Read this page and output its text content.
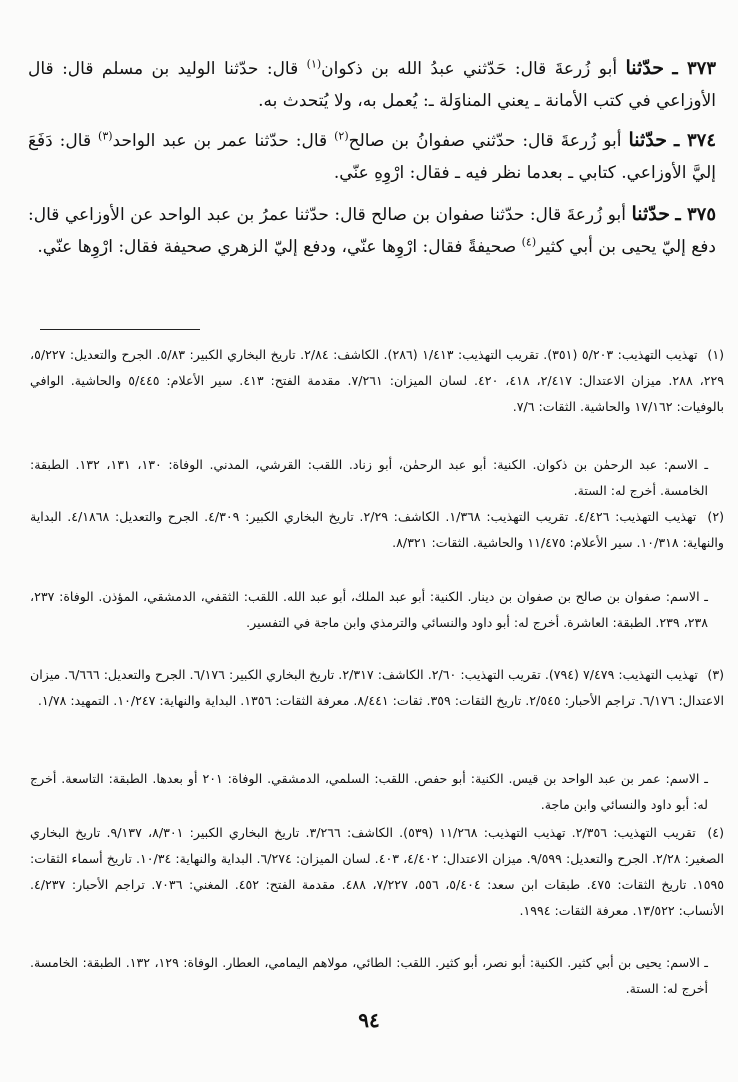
٣٧٣ ـ حدّثنا أبو زُرعةَ قال: حَدّثني عبدُ الله بن ذكوان$^{(١)}$ قال: حدّثنا الوليد بن مسلم قال: قال الأوزاعي في كتب الأمانة ـ يعني المناوَلة ـ: يُعمل به، ولا يُتحدث به.
٣٧٤ ـ حدّثنا أبو زُرعةَ قال: حدّثني صفوانُ بن صالح$^{(٢)}$ قال: حدّثنا عمر بن عبد الواحد$^{(٣)}$ قال: دَفَعَ إليَّ الأوزاعي. كتابي ـ بعدما نظر فيه ـ فقال: ارْوِهِ عنّي.
٣٧٥ ـ حدّثنا أبو زُرعةَ قال: حدّثنا صفوان بن صالح قال: حدّثنا عمرُ بن عبد الواحد عن الأوزاعي قال: دفع إليّ يحيى بن أبي كثير$^{(٤)}$ صحيفةً فقال: ارْوِها عنّي، ودفع إليّ الزهري صحيفة فقال: ارْوِها عنّي.
(١) تهذيب التهذيب: ٥/٢٠٣ (٣٥١). تقريب التهذيب: ١/٤١٣ (٢٨٦). الكاشف: ٢/٨٤. تاريخ البخاري الكبير: ٥/٨٣. الجرح والتعديل: ٥/٢٢٧، ٢٢٩، ٢٨٨. ميزان الاعتدال: ٢/٤١٧، ٤١٨، ٤٢٠. لسان الميزان: ٧/٢٦١. مقدمة الفتح: ٤١٣. سير الأعلام: ٥/٤٤٥ والحاشية. الوافي بالوفيات: ١٧/١٦٢ والحاشية. الثقات: ٧/٦.
ـ الاسم: عبد الرحمٰن بن ذكوان. الكنية: أبو عبد الرحمٰن، أبو زناد. اللقب: القرشي، المدني. الوفاة: ١٣٠، ١٣١، ١٣٢. الطبقة: الخامسة. أخرج له: الستة.
(٢) تهذيب التهذيب: ٤/٤٢٦. تقريب التهذيب: ١/٣٦٨. الكاشف: ٢/٢٩. تاريخ البخاري الكبير: ٤/٣٠٩. الجرح والتعديل: ٤/١٨٦٨. البداية والنهاية: ١٠/٣١٨. سير الأعلام: ١١/٤٧٥ والحاشية. الثقات: ٨/٣٢١.
ـ الاسم: صفوان بن صالح بن صفوان بن دينار. الكنية: أبو عبد الملك، أبو عبد الله. اللقب: الثقفي، الدمشقي، المؤذن. الوفاة: ٢٣٧، ٢٣٨، ٢٣٩. الطبقة: العاشرة. أخرج له: أبو داود والنسائي والترمذي وابن ماجة في التفسير.
(٣) تهذيب التهذيب: ٧/٤٧٩ (٧٩٤). تقريب التهذيب: ٢/٦٠. الكاشف: ٢/٣١٧. تاريخ البخاري الكبير: ٦/١٧٦. الجرح والتعديل: ٦/٦٦٦. ميزان الاعتدال: ٦/١٧٦. تراجم الأحبار: ٢/٥٤٥. تاريخ الثقات: ٣٥٩. ثقات: ٨/٤٤١. معرفة الثقات: ١٣٥٦. البداية والنهاية: ١٠/٢٤٧. التمهيد: ١/٧٨.
ـ الاسم: عمر بن عبد الواحد بن قيس. الكنية: أبو حفص. اللقب: السلمي، الدمشقي. الوفاة: ٢٠١ أو بعدها. الطبقة: التاسعة. أخرج له: أبو داود والنسائي وابن ماجة.
(٤) تقريب التهذيب: ٢/٣٥٦. تهذيب التهذيب: ١١/٢٦٨ (٥٣٩). الكاشف: ٣/٢٦٦. تاريخ البخاري الكبير: ٨/٣٠١، ٩/١٣٧. تاريخ البخاري الصغير: ٢/٢٨. الجرح والتعديل: ٩/٥٩٩. ميزان الاعتدال: ٤/٤٠٢، ٤٠٣. لسان الميزان: ٦/٢٧٤. البداية والنهاية: ١٠/٣٤. تاريخ أسماء الثقات: ١٥٩٥. تاريخ الثقات: ٤٧٥. طبقات ابن سعد: ٥/٤٠٤، ٥٥٦، ٧/٢٢٧، ٤٨٨. مقدمة الفتح: ٤٥٢. المغني: ٧٠٣٦. تراجم الأحبار: ٤/٢٣٧. الأنساب: ١٣/٥٢٢. معرفة الثقات: ١٩٩٤.
ـ الاسم: يحيى بن أبي كثير. الكنية: أبو نصر، أبو كثير. اللقب: الطائي، مولاهم اليمامي، العطار. الوفاة: ١٢٩، ١٣٢. الطبقة: الخامسة. أخرج له: الستة.
٩٤
